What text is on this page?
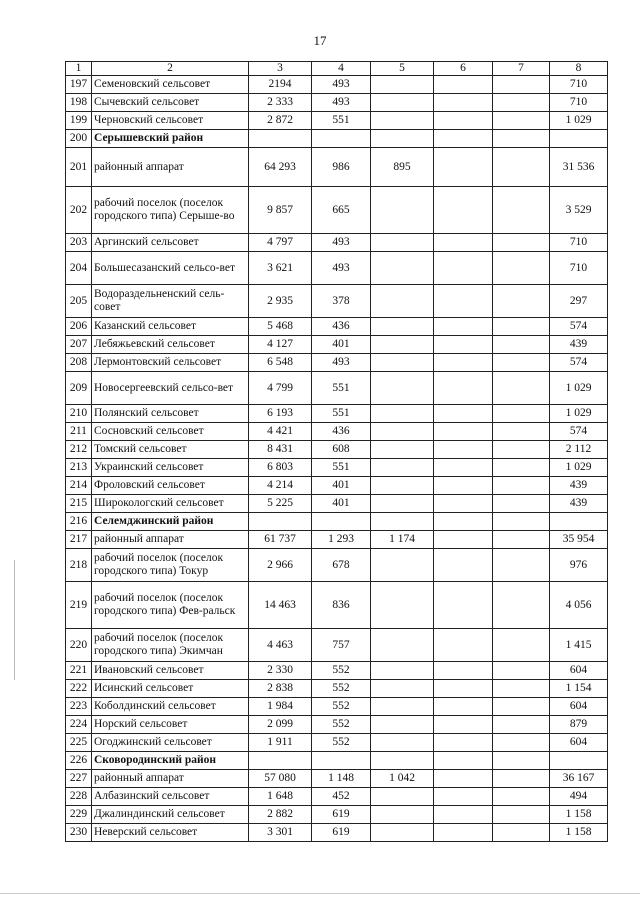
17
1	2	3	4	5	6	7	8
197	Семеновский сельсовет	2194	493				710
198	Сычевский сельсовет	2 333	493				710
199	Черновский сельсовет	2 872	551				1 029
200	Серышевский район						
201	районный аппарат	64 293	986	895			31 536
202	рабочий поселок (поселок городского типа) Серыше-во	9 857	665				3 529
203	Аргинский сельсовет	4 797	493				710
204	Большесазанский сельсо-вет	3 621	493				710
205	Водораздельненский сель-совет	2 935	378				297
206	Казанский сельсовет	5 468	436				574
207	Лебяжьевский сельсовет	4 127	401				439
208	Лермонтовский сельсовет	6 548	493				574
209	Новосергеевский сельсо-вет	4 799	551				1 029
210	Полянский сельсовет	6 193	551				1 029
211	Сосновский сельсовет	4 421	436				574
212	Томский сельсовет	8 431	608				2 112
213	Украинский сельсовет	6 803	551				1 029
214	Фроловский сельсовет	4 214	401				439
215	Широкологский сельсовет	5 225	401				439
216	Селемджинский район						
217	районный аппарат	61 737	1 293	1 174			35 954
218	рабочий поселок (поселок городского типа) Токур	2 966	678				976
219	рабочий поселок (поселок городского типа) Фев-ральск	14 463	836				4 056
220	рабочий поселок (поселок городского типа) Экимчан	4 463	757				1 415
221	Ивановский сельсовет	2 330	552				604
222	Исинский сельсовет	2 838	552				1 154
223	Коболдинский сельсовет	1 984	552				604
224	Норский сельсовет	2 099	552				879
225	Огоджинский сельсовет	1 911	552				604
226	Сковородинский район						
227	районный аппарат	57 080	1 148	1 042			36 167
228	Албазинский сельсовет	1 648	452				494
229	Джалиндинский сельсовет	2 882	619				1 158
230	Неверский сельсовет	3 301	619				1 158
